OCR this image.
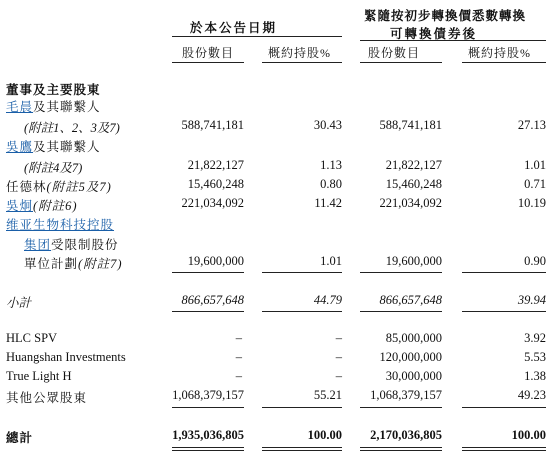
於本公告日期
緊隨按初步轉換價悉數轉換
可轉換債券後
股份數目	概約持股%	股份數目	概約持股%
董事及主要股東
毛晨及其聯繫人
(附註1、2、3及7)	588,741,181	30.43	588,741,181	27.13
吳鷹及其聯繫人
(附註4及7)	21,822,127	1.13	21,822,127	1.01
任德林(附註5及7)	15,460,248	0.80	15,460,248	0.71
吳炯(附註6)	221,034,092	11.42	221,034,092	10.19
维亚生物科技控股
集团受限制股份
單位計劃(附註7)	19,600,000	1.01	19,600,000	0.90
小計	866,657,648	44.79	866,657,648	39.94
HLC SPV	–	–	85,000,000	3.92
Huangshan Investments	–	–	120,000,000	5.53
True Light H	–	–	30,000,000	1.38
其他公眾股東	1,068,379,157	55.21 1,068,379,157	49.23
總計	1,935,036,805	100.00 2,170,036,805	100.00
